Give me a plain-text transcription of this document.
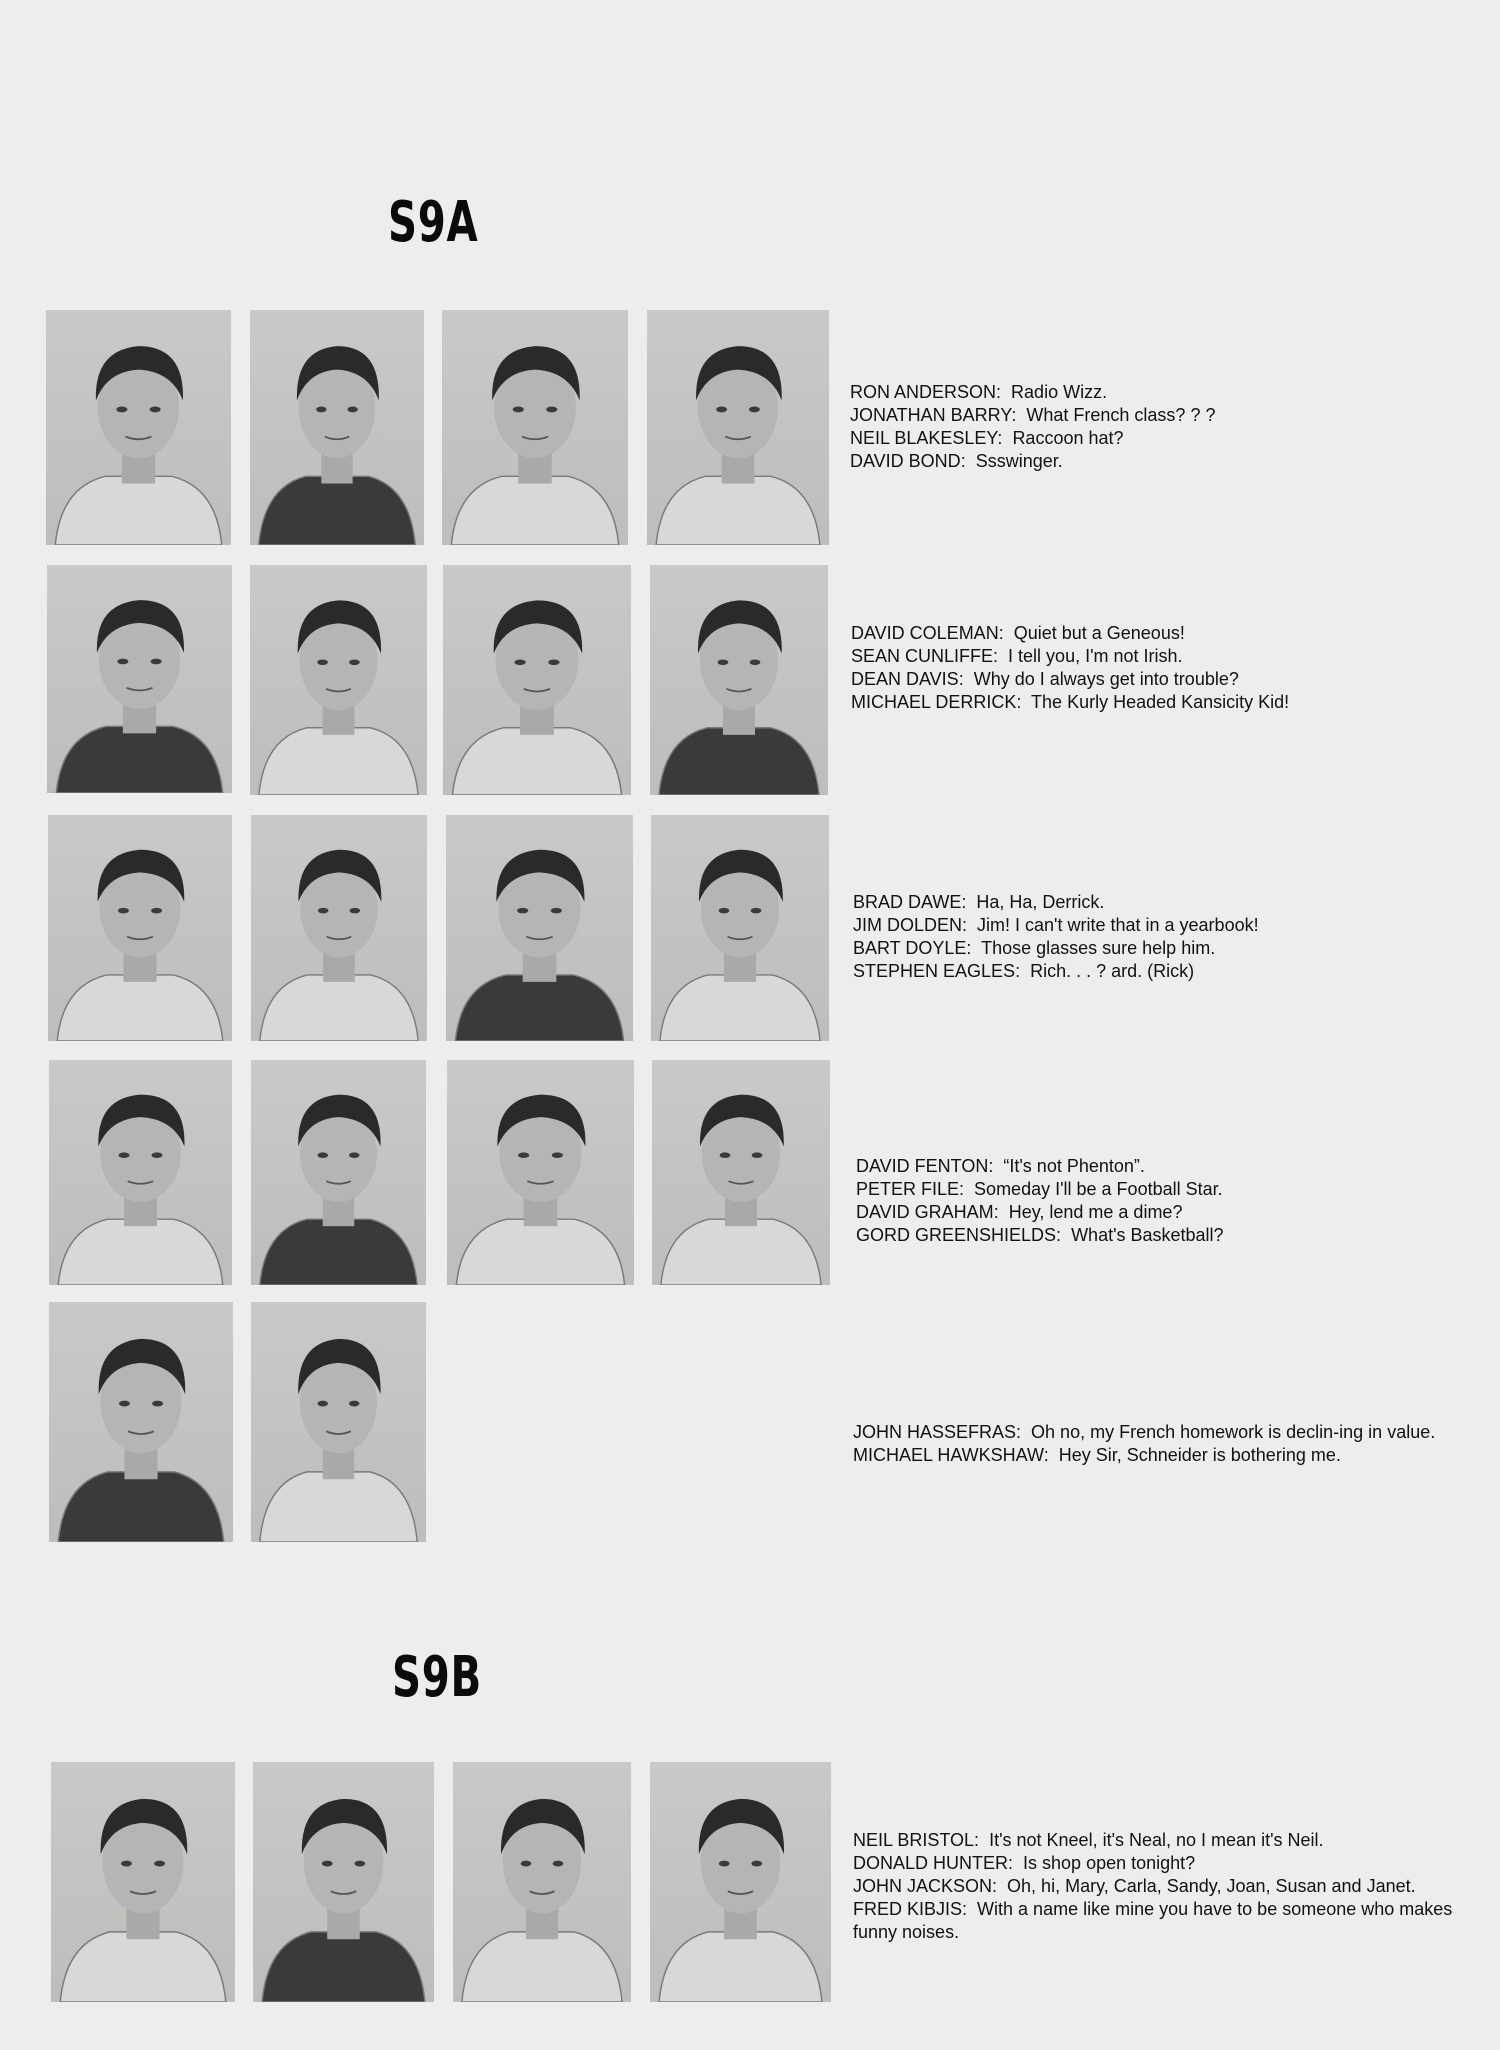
S9A
RON ANDERSON:  Radio Wizz.
JONATHAN BARRY:  What French class? ? ?
NEIL BLAKESLEY:  Raccoon hat?
DAVID BOND:  Ssswinger.
DAVID COLEMAN:  Quiet but a Geneous!
SEAN CUNLIFFE:  I tell you, I'm not Irish.
DEAN DAVIS:  Why do I always get into trouble?
MICHAEL DERRICK:  The Kurly Headed Kansicity Kid!
BRAD DAWE:  Ha, Ha, Derrick.
JIM DOLDEN:  Jim! I can't write that in a yearbook!
BART DOYLE:  Those glasses sure help him.
STEPHEN EAGLES:  Rich. . . ? ard. (Rick)
DAVID FENTON:  “It's not Phenton”.
PETER FILE:  Someday I'll be a Football Star.
DAVID GRAHAM:  Hey, lend me a dime?
GORD GREENSHIELDS:  What's Basketball?
JOHN HASSEFRAS:  Oh no, my French homework is declin-ing in value.
MICHAEL HAWKSHAW:  Hey Sir, Schneider is bothering me.
S9B
NEIL BRISTOL:  It's not Kneel, it's Neal, no I mean it's Neil.
DONALD HUNTER:  Is shop open tonight?
JOHN JACKSON:  Oh, hi, Mary, Carla, Sandy, Joan, Susan and Janet.
FRED KIBJIS:  With a name like mine you have to be someone who makes funny noises.
